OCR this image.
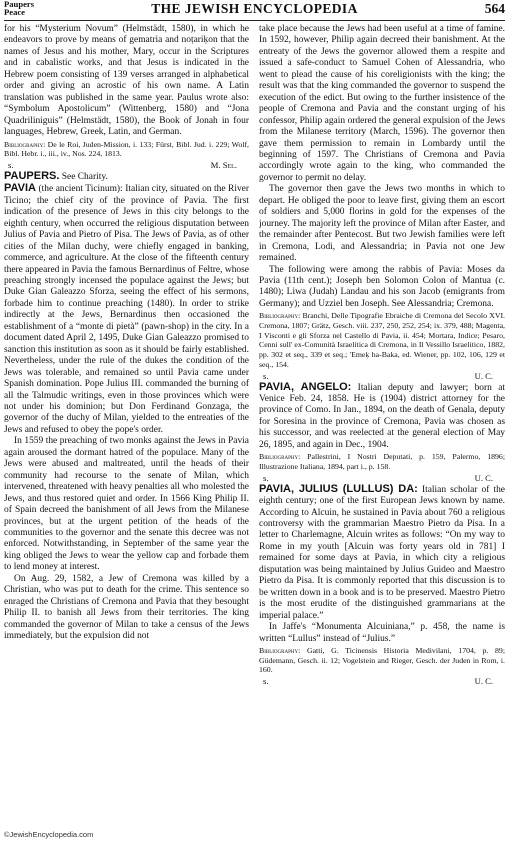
Paupers
Peace	THE JEWISH ENCYCLOPEDIA	564

for his “Mysterium Novum” (Helmstädt, 1580), in which he endeavors to prove by means of gematria and noṭariḳon that the names of Jesus and his mother, Mary, occur in the Scriptures and in cabalistic works, and that Jesus is indicated in the Hebrew poem consisting of 139 verses arranged in alphabetical order and giving an acrostic of his own name. A Latin translation was published in the same year. Paulus wrote also: “Symbolum Apostolicum” (Wittenberg, 1580) and “Jona Quadriliniguis” (Helmstädt, 1580), the Book of Jonah in four languages, Hebrew, Greek, Latin, and German.

Bibliography: De le Roi, Juden-Mission, i. 133; Fürst, Bibl. Jud. i. 229; Wolf, Bibl. Hebr. i., iii., iv., Nos. 224, 1813.

s.	M. Sel.

PAUPERS. See Charity.

PAVIA (the ancient Ticinum): Italian city, situated on the River Ticino; the chief city of the province of Pavia. The first indication of the presence of Jews in this city belongs to the eighth century, when occurred the religious disputation between Julius of Pavia and Pietro of Pisa. The Jews of Pavia, as of other cities of the Milan duchy, were chiefly engaged in banking, commerce, and agriculture. At the close of the fifteenth century there appeared in Pavia the famous Bernardinus of Feltre, whose preaching strongly incensed the populace against the Jews; but Duke Gian Galeazzo Sforza, seeing the effect of his sermons, forbade him to continue preaching (1480). In order to strike indirectly at the Jews, Bernardinus then occasioned the establishment of a “monte di pietà” (pawn-shop) in the city. In a document dated April 2, 1495, Duke Gian Galeazzo promised to sanction this institution as soon as it should be fairly established. Nevertheless, under the rule of the dukes the condition of the Jews was tolerable, and remained so until Pavia came under Spanish domination. Pope Julius III. commanded the burning of all the Talmudic writings, even in those provinces which were not under his dominion; but Don Ferdinand Gonzaga, the governor of the duchy of Milan, yielded to the entreaties of the Jews and refused to obey the pope's order.

In 1559 the preaching of two monks against the Jews in Pavia again aroused the dormant hatred of the populace. Many of the Jews were abused and maltreated, until the heads of their community had recourse to the senate of Milan, which intervened, threatened with heavy penalties all who molested the Jews, and thus restored quiet and order. In 1566 King Philip II. of Spain decreed the banishment of all Jews from the Milanese provinces, but at the urgent petition of the heads of the communities to the governor and the senate this decree was not enforced. Notwithstanding, in September of the same year the king obliged the Jews to wear the yellow cap and forbade them to lend money at interest.

On Aug. 29, 1582, a Jew of Cremona was killed by a Christian, who was put to death for the crime. This sentence so enraged the Christians of Cremona and Pavia that they besought Philip II. to banish all Jews from their territories. The king commanded the governor of Milan to take a census of the Jews immediately, but the expulsion did not

take place because the Jews had been useful at a time of famine. In 1592, however, Philip again decreed their banishment. At the entreaty of the Jews the governor allowed them a respite and issued a safe-conduct to Samuel Cohen of Alessandria, who went to plead the cause of his coreligionists with the king; the result was that the king commanded the governor to suspend the execution of the edict. But owing to the further insistence of the people of Cremona and Pavia and the constant urging of his confessor, Philip again ordered the general expulsion of the Jews from the Milanese territory (March, 1596). The governor then gave them permission to remain in Lombardy until the beginning of 1597. The Christians of Cremona and Pavia accordingly wrote again to the king, who commanded the governor to permit no delay.

The governor then gave the Jews two months in which to depart. He obliged the poor to leave first, giving them an escort of soldiers and 5,000 florins in gold for the expenses of the journey. The majority left the province of Milan after Easter, and the remainder after Pentecost. But two Jewish families were left in Cremona, Lodi, and Alessandria; in Pavia not one Jew remained.

The following were among the rabbis of Pavia: Moses da Pavia (11th cent.); Joseph ben Solomon Colon of Mantua (c. 1480); Liwa (Judah) Landau and his son Jacob (emigrants from Germany); and Uzziel ben Joseph. See Alessandria; Cremona.

Bibliography: Branchi, Delle Tipografie Ebraiche di Cremona del Secolo XVI. Cremona, 1807; Grätz, Gesch. viii. 237, 250, 252, 254; ix. 379, 488; Magenta, I Visconti e gli Sforza nel Castello di Pavia, ii. 454; Mortara, Indice; Pesaro, Cenni sull' ex-Comunità Israelitica di Cremona, in Il Vessillo Israelitico, 1882, pp. 302 et seq., 339 et seq.; 'Emeḳ ha-Baka, ed. Wiener, pp. 102, 106, 129 et seq., 154.

s.	U. C.

PAVIA, ANGELO: Italian deputy and lawyer; born at Venice Feb. 24, 1858. He is (1904) district attorney for the province of Como. In Jan., 1894, on the death of Genala, deputy for Soresina in the province of Cremona, Pavia was chosen as his successor, and was reelected at the general election of May 26, 1895, and again in Dec., 1904.

Bibliography: Pallestrini, I Nostri Deputati, p. 159, Palermo, 1896; Illustrazione Italiana, 1894, part i., p. 158.

s.	U. C.

PAVIA, JULIUS (LULLUS) DA: Italian scholar of the eighth century; one of the first European Jews known by name. According to Alcuin, he sustained in Pavia about 760 a religious controversy with the grammarian Maestro Pietro da Pisa. In a letter to Charlemagne, Alcuin writes as follows: “On my way to Rome in my youth [Alcuin was forty years old in 781] I remained for some days at Pavia, in which city a religious disputation was being maintained by Julius Guideo and Maestro Pietro da Pisa. It is commonly reported that this discussion is to be written down in a book and is to be preserved. Maestro Pietro is the most erudite of the distinguished grammarians at the imperial palace.”

In Jaffe's “Monumenta Alcuiniana,” p. 458, the name is written “Lullus” instead of “Julius.”

Bibliography: Gatti, G. Ticinensis Historia Medivilani, 1704, p. 89; Güdemann, Gesch. ii. 12; Vogelstein and Rieger, Gesch. der Juden in Rom, i. 160.

s.	U. C.
©JewishEncyclopedia.com
